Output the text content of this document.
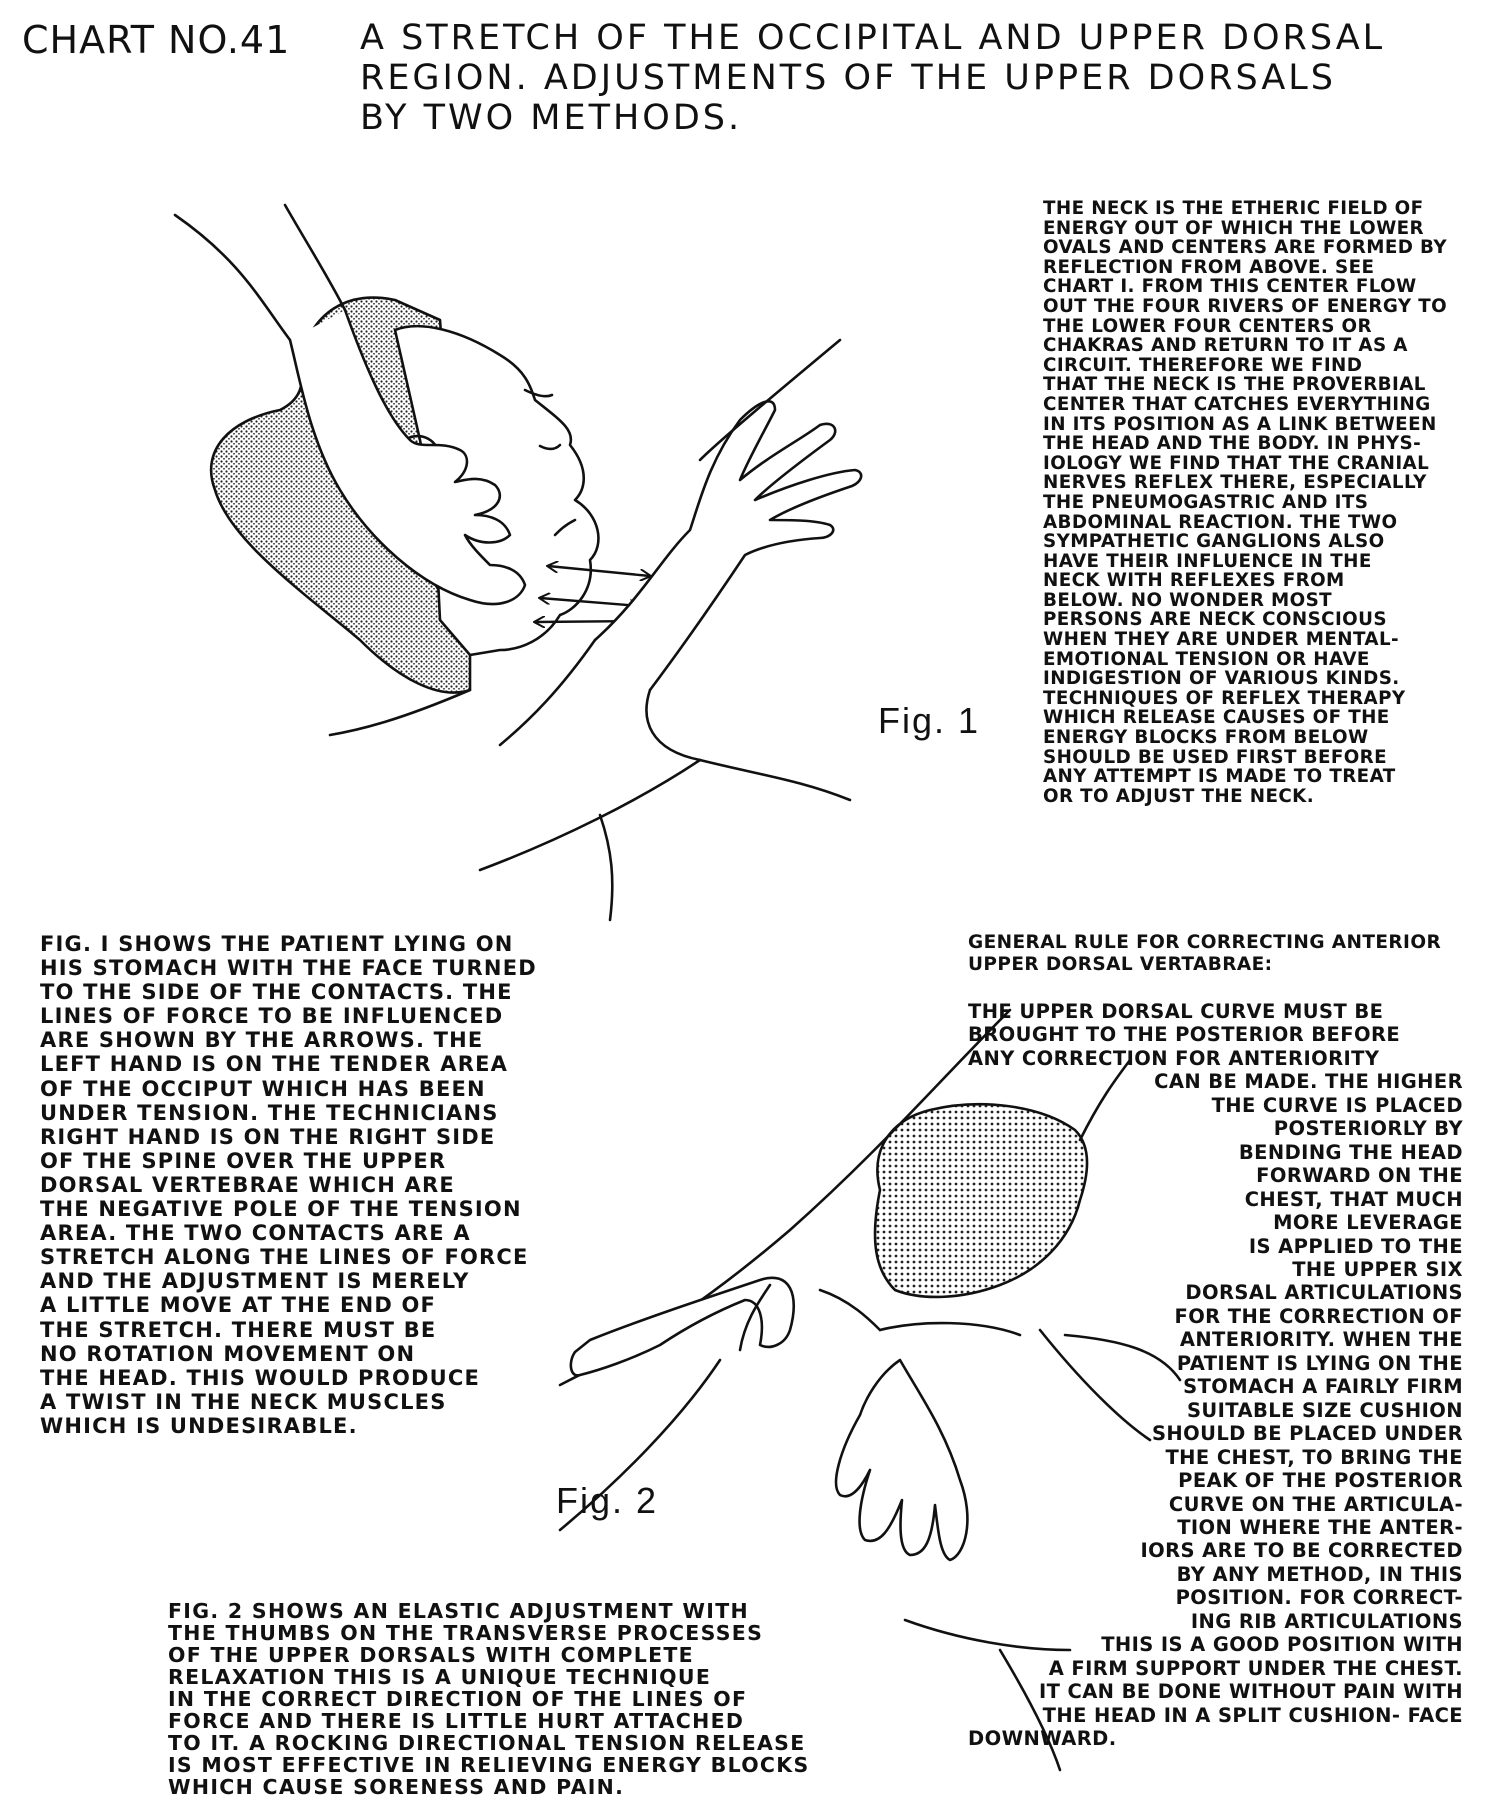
CHART NO.41 A STRETCH OF THE OCCIPITAL AND UPPER DORSAL
REGION. ADJUSTMENTS OF THE UPPER DORSALS
BY TWO METHODS.
Fig. 1
Fig. 2
THE NECK IS THE ETHERIC FIELD OF
ENERGY OUT OF WHICH THE LOWER
OVALS AND CENTERS ARE FORMED BY
REFLECTION FROM ABOVE. SEE
CHART I. FROM THIS CENTER FLOW
OUT THE FOUR RIVERS OF ENERGY TO
THE LOWER FOUR CENTERS OR
CHAKRAS AND RETURN TO IT AS A
CIRCUIT. THEREFORE WE FIND
THAT THE NECK IS THE PROVERBIAL
CENTER THAT CATCHES EVERYTHING
IN ITS POSITION AS A LINK BETWEEN
THE HEAD AND THE BODY. IN PHYS-
IOLOGY WE FIND THAT THE CRANIAL
NERVES REFLEX THERE, ESPECIALLY
THE PNEUMOGASTRIC AND ITS
ABDOMINAL REACTION. THE TWO
SYMPATHETIC GANGLIONS ALSO
HAVE THEIR INFLUENCE IN THE
NECK WITH REFLEXES FROM
BELOW. NO WONDER MOST
PERSONS ARE NECK CONSCIOUS
WHEN THEY ARE UNDER MENTAL-
EMOTIONAL TENSION OR HAVE
INDIGESTION OF VARIOUS KINDS.
TECHNIQUES OF REFLEX THERAPY
WHICH RELEASE CAUSES OF THE
ENERGY BLOCKS FROM BELOW
SHOULD BE USED FIRST BEFORE
ANY ATTEMPT IS MADE TO TREAT
OR TO ADJUST THE NECK.
FIG. I SHOWS THE PATIENT LYING ON
HIS STOMACH WITH THE FACE TURNED
TO THE SIDE OF THE CONTACTS. THE
LINES OF FORCE TO BE INFLUENCED
ARE SHOWN BY THE ARROWS. THE
LEFT HAND IS ON THE TENDER AREA
OF THE OCCIPUT WHICH HAS BEEN
UNDER TENSION. THE TECHNICIANS
RIGHT HAND IS ON THE RIGHT SIDE
OF THE SPINE OVER THE UPPER
DORSAL VERTEBRAE WHICH ARE
THE NEGATIVE POLE OF THE TENSION
AREA. THE TWO CONTACTS ARE A
STRETCH ALONG THE LINES OF FORCE
AND THE ADJUSTMENT IS MERELY
A LITTLE MOVE AT THE END OF
THE STRETCH. THERE MUST BE
NO ROTATION MOVEMENT ON
THE HEAD. THIS WOULD PRODUCE
A TWIST IN THE NECK MUSCLES
WHICH IS UNDESIRABLE.
GENERAL RULE FOR CORRECTING ANTERIOR
UPPER DORSAL VERTABRAE:
THE UPPER DORSAL CURVE MUST BE
BROUGHT TO THE POSTERIOR BEFORE
ANY CORRECTION FOR ANTERIORITY
CAN BE MADE. THE HIGHER
THE CURVE IS PLACED
POSTERIORLY BY
BENDING THE HEAD
FORWARD ON THE
CHEST, THAT MUCH
MORE LEVERAGE
IS APPLIED TO THE
THE UPPER SIX
DORSAL ARTICULATIONS
FOR THE CORRECTION OF
ANTERIORITY. WHEN THE
PATIENT IS LYING ON THE
STOMACH A FAIRLY FIRM
SUITABLE SIZE CUSHION
SHOULD BE PLACED UNDER
THE CHEST, TO BRING THE
PEAK OF THE POSTERIOR
CURVE ON THE ARTICULA-
TION WHERE THE ANTER-
IORS ARE TO BE CORRECTED
BY ANY METHOD, IN THIS
POSITION. FOR CORRECT-
ING RIB ARTICULATIONS
THIS IS A GOOD POSITION WITH
A FIRM SUPPORT UNDER THE CHEST.
IT CAN BE DONE WITHOUT PAIN WITH
THE HEAD IN A SPLIT CUSHION- FACE
DOWNWARD.
FIG. 2 SHOWS AN ELASTIC ADJUSTMENT WITH
THE THUMBS ON THE TRANSVERSE PROCESSES
OF THE UPPER DORSALS WITH COMPLETE
RELAXATION THIS IS A UNIQUE TECHNIQUE
IN THE CORRECT DIRECTION OF THE LINES OF
FORCE AND THERE IS LITTLE HURT ATTACHED
TO IT. A ROCKING DIRECTIONAL TENSION RELEASE
IS MOST EFFECTIVE IN RELIEVING ENERGY BLOCKS
WHICH CAUSE SORENESS AND PAIN.
